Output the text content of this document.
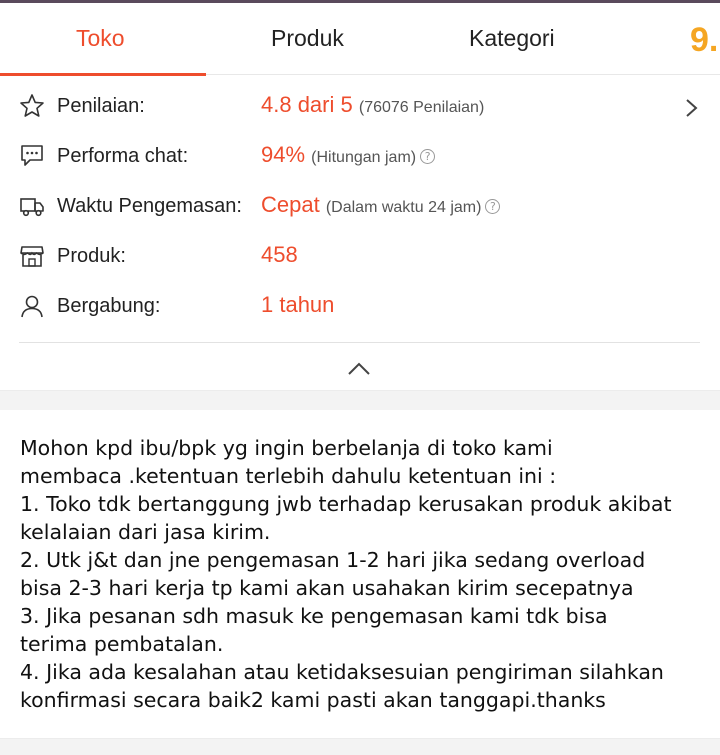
Toko	Produk	Kategori	9.
Penilaian:	4.8 dari 5 (76076 Penilaian)
Performa chat:	94% (Hitungan jam) ?
Waktu Pengemasan: Cepat (Dalam waktu 24 jam) ?
Produk:	458
Bergabung:	1 tahun
Mohon kpd ibu/bpk yg ingin berbelanja di toko kami
membaca .ketentuan terlebih dahulu ketentuan ini :
1. Toko tdk bertanggung jwb terhadap kerusakan produk akibat
kelalaian dari jasa kirim.
2. Utk j&t dan jne pengemasan 1-2 hari jika sedang overload
bisa 2-3 hari kerja tp kami akan usahakan kirim secepatnya
3. Jika pesanan sdh masuk ke pengemasan kami tdk bisa
terima pembatalan.
4. Jika ada kesalahan atau ketidaksesuian pengiriman silahkan
konfirmasi secara baik2 kami pasti akan tanggapi.thanks
